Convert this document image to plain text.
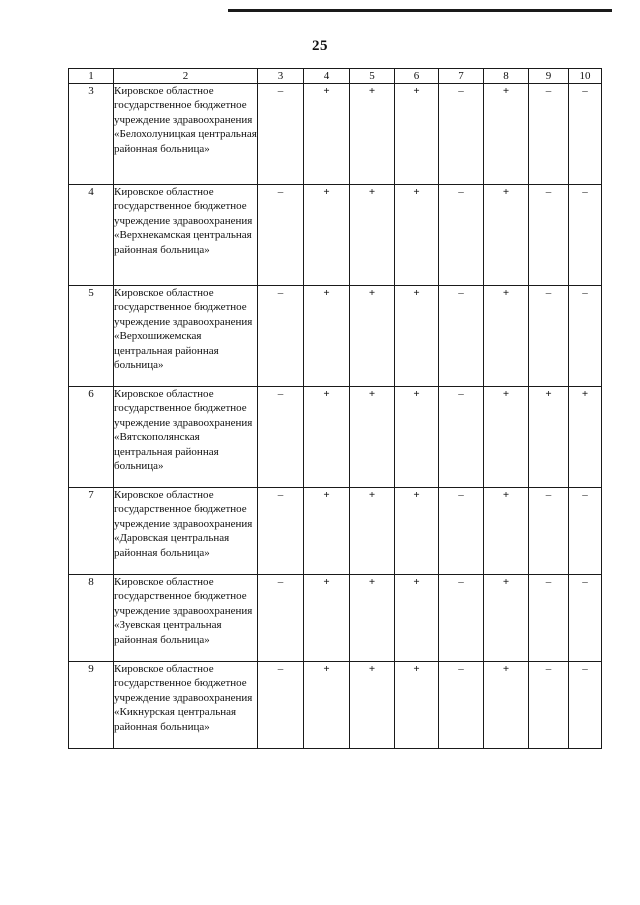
25
1	2	3	4	5	6	7	8	9	10
3	Кировское областное государственное бюджетное учреждение здравоохранения «Белохолуницкая центральная районная больница»	–	+	+	+	–	+	–	–
4	Кировское областное государственное бюджетное учреждение здравоохранения «Верхнекамская центральная районная больница»	–	+	+	+	–	+	–	–
5	Кировское областное государственное бюджетное учреждение здравоохранения «Верхошижемская центральная районная больница»	–	+	+	+	–	+	–	–
6	Кировское областное государственное бюджетное учреждение здравоохранения «Вятскополянская центральная районная больница»	–	+	+	+	–	+	+	+
7	Кировское областное государственное бюджетное учреждение здравоохранения «Даровская центральная районная больница»	–	+	+	+	–	+	–	–
8	Кировское областное государственное бюджетное учреждение здравоохранения «Зуевская центральная районная больница»	–	+	+	+	–	+	–	–
9	Кировское областное государственное бюджетное учреждение здравоохранения «Кикнурская центральная районная больница»	–	+	+	+	–	+	–	–
